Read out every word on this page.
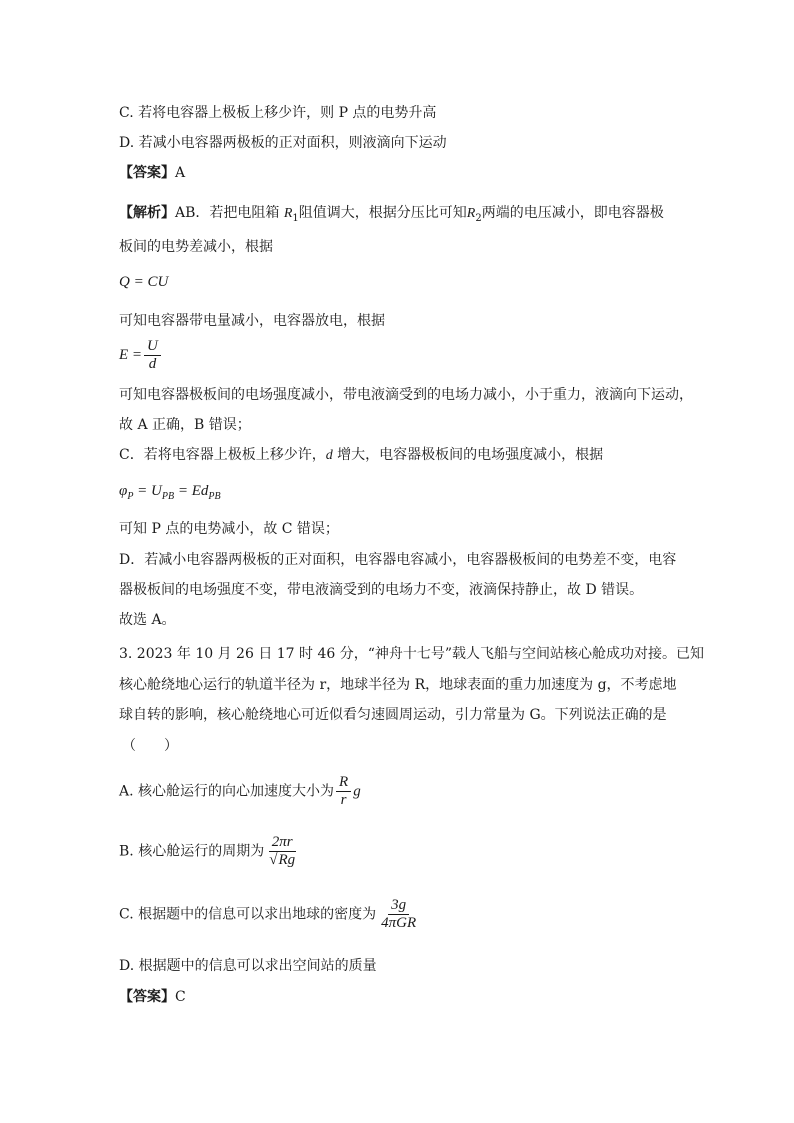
C. 若将电容器上极板上移少许，则 P 点的电势升高
D. 若减小电容器两极板的正对面积，则液滴向下运动
【答案】A
【解析】AB．若把电阻箱 $R_1$阻值调大，根据分压比可知$R_2$两端的电压减小，即电容器极
板间的电势差减小，根据
Q = CU
可知电容器带电量减小，电容器放电，根据
$E = \frac{U}{d}$
可知电容器极板间的电场强度减小，带电液滴受到的电场力减小，小于重力，液滴向下运动，
故 A 正确，B 错误；
C．若将电容器上极板上移少许，d 增大，电容器极板间的电场强度减小，根据
$\varphi_P = U_{PB} = Ed_{PB}$
可知 P 点的电势减小，故 C 错误；
D．若减小电容器两极板的正对面积，电容器电容减小，电容器极板间的电势差不变，电容
器极板间的电场强度不变，带电液滴受到的电场力不变，液滴保持静止，故 D 错误。
故选 A。
3. 2023 年 10 月 26 日 17 时 46 分，“神舟十七号”载人飞船与空间站核心舱成功对接。已知
核心舱绕地心运行的轨道半径为 r，地球半径为 R，地球表面的重力加速度为 g，不考虑地
球自转的影响，核心舱绕地心可近似看匀速圆周运动，引力常量为 G。下列说法正确的是
（　　）
A. 核心舱运行的向心加速度大小为 $\frac{R}{r}$ g
B. 核心舱运行的周期为 $\frac{2\pi r}{√Rg}$
C. 根据题中的信息可以求出地球的密度为 $\frac{3g}{\text{4πGR}}$
D. 根据题中的信息可以求出空间站的质量
【答案】C
